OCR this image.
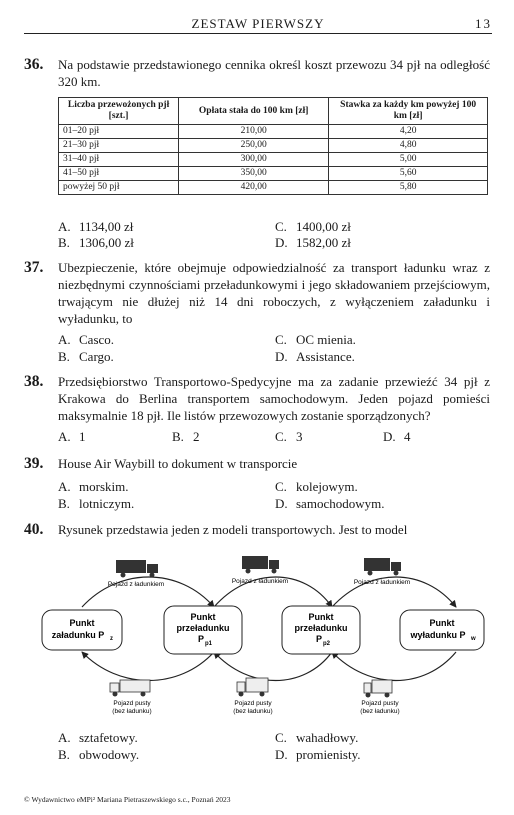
ZESTAW PIERWSZY	13
36. Na podstawie przedstawionego cennika określ koszt przewozu 34 pjł na odległość 320 km.
Liczba przewożonych pjł [szt.]	Opłata stała do 100 km [zł]	Stawka za każdy km powyżej 100 km [zł]
01–20 pjł	210,00	4,20
21–30 pjł	250,00	4,80
31–40 pjł	300,00	5,00
41–50 pjł	350,00	5,60
powyżej 50 pjł	420,00	5,80
A. 1134,00 zł	C. 1400,00 zł
B. 1306,00 zł	D. 1582,00 zł
37. Ubezpieczenie, które obejmuje odpowiedzialność za transport ładunku wraz z niezbędnymi czynnościami przeładunkowymi i jego składowaniem przejściowym, trwającym nie dłużej niż 14 dni roboczych, z wyłączeniem załadunku i wyładunku, to
A. Casco.	C. OC mienia.
B. Cargo.	D. Assistance.
38. Przedsiębiorstwo Transportowo-Spedycyjne ma za zadanie przewieźć 34 pjł z Krakowa do Berlina transportem samochodowym. Jeden pojazd pomieści maksymalnie 18 pjł. Ile listów przewozowych zostanie sporządzonych?
A. 1	B. 2	C. 3	D. 4
39. House Air Waybill to dokument w transporcie
A. morskim.	C. kolejowym.
B. lotniczym.	D. samochodowym.
40. Rysunek przedstawia jeden z modeli transportowych. Jest to model
Punkt
załadunku P z
Punkt
przeładunku
P p1
Punkt
przeładunku
P p2
Punkt
wyładunku P w
Pojazd z ładunkiem	Pojazd z ładunkiem	Pojazd z ładunkiem
Pojazd pusty
(bez ładunku)
Pojazd pusty
(bez ładunku)
Pojazd pusty
(bez ładunku)
A. sztafetowy.	C. wahadłowy.
B. obwodowy.	D. promienisty.
© Wydawnictwo eMPi² Mariana Pietraszewskiego s.c., Poznań 2023
